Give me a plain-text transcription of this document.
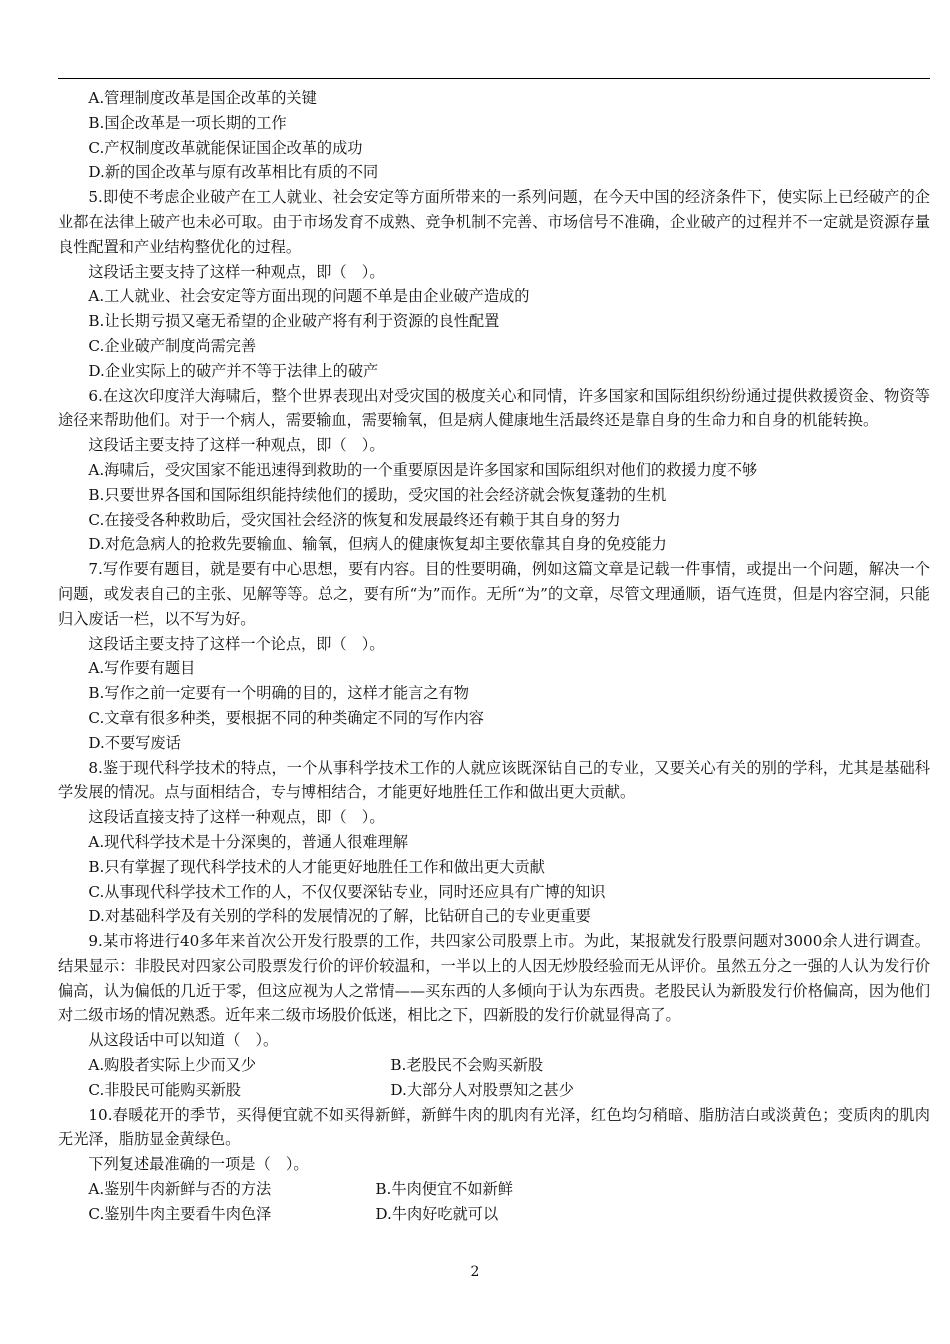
A.管理制度改革是国企改革的关键

B.国企改革是一项长期的工作

C.产权制度改革就能保证国企改革的成功

D.新的国企改革与原有改革相比有质的不同

5.即使不考虑企业破产在工人就业、社会安定等方面所带来的一系列问题，在今天中国的经济条件下，使实际上已经破产的企业都在法律上破产也未必可取。由于市场发育不成熟、竞争机制不完善、市场信号不准确，企业破产的过程并不一定就是资源存量良性配置和产业结构整优化的过程。

这段话主要支持了这样一种观点，即（　）。

A.工人就业、社会安定等方面出现的问题不单是由企业破产造成的

B.让长期亏损又毫无希望的企业破产将有利于资源的良性配置

C.企业破产制度尚需完善

D.企业实际上的破产并不等于法律上的破产

6.在这次印度洋大海啸后，整个世界表现出对受灾国的极度关心和同情，许多国家和国际组织纷纷通过提供救援资金、物资等途径来帮助他们。对于一个病人，需要输血，需要输氧，但是病人健康地生活最终还是靠自身的生命力和自身的机能转换。

这段话主要支持了这样一种观点，即（　）。

A.海啸后，受灾国家不能迅速得到救助的一个重要原因是许多国家和国际组织对他们的救援力度不够

B.只要世界各国和国际组织能持续他们的援助，受灾国的社会经济就会恢复蓬勃的生机

C.在接受各种救助后，受灾国社会经济的恢复和发展最终还有赖于其自身的努力

D.对危急病人的抢救先要输血、输氧，但病人的健康恢复却主要依靠其自身的免疫能力

7.写作要有题目，就是要有中心思想，要有内容。目的性要明确，例如这篇文章是记载一件事情，或提出一个问题，解决一个问题，或发表自己的主张、见解等等。总之，要有所“为”而作。无所“为”的文章，尽管文理通顺，语气连贯，但是内容空洞，只能归入废话一栏，以不写为好。

这段话主要支持了这样一个论点，即（　）。

A.写作要有题目

B.写作之前一定要有一个明确的目的，这样才能言之有物

C.文章有很多种类，要根据不同的种类确定不同的写作内容

D.不要写废话

8.鉴于现代科学技术的特点，一个从事科学技术工作的人就应该既深钻自己的专业，又要关心有关的别的学科，尤其是基础科学发展的情况。点与面相结合，专与博相结合，才能更好地胜任工作和做出更大贡献。

这段话直接支持了这样一种观点，即（　）。

A.现代科学技术是十分深奥的，普通人很难理解

B.只有掌握了现代科学技术的人才能更好地胜任工作和做出更大贡献

C.从事现代科学技术工作的人，不仅仅要深钻专业，同时还应具有广博的知识

D.对基础科学及有关别的学科的发展情况的了解，比钻研自己的专业更重要

9.某市将进行40多年来首次公开发行股票的工作，共四家公司股票上市。为此，某报就发行股票问题对3000余人进行调查。结果显示：非股民对四家公司股票发行价的评价较温和，一半以上的人因无炒股经验而无从评价。虽然五分之一强的人认为发行价偏高，认为偏低的几近于零，但这应视为人之常情——买东西的人多倾向于认为东西贵。老股民认为新股发行价格偏高，因为他们对二级市场的情况熟悉。近年来二级市场股价低迷，相比之下，四新股的发行价就显得高了。

从这段话中可以知道（　）。

A.购股者实际上少而又少	B.老股民不会购买新股
C.非股民可能购买新股	D.大部分人对股票知之甚少

10.春暖花开的季节，买得便宜就不如买得新鲜，新鲜牛肉的肌肉有光泽，红色均匀稍暗、脂肪洁白或淡黄色；变质肉的肌肉无光泽，脂肪显金黄绿色。

下列复述最准确的一项是（　）。

A.鉴别牛肉新鲜与否的方法	B.牛肉便宜不如新鲜
C.鉴别牛肉主要看牛肉色泽	D.牛肉好吃就可以
2
